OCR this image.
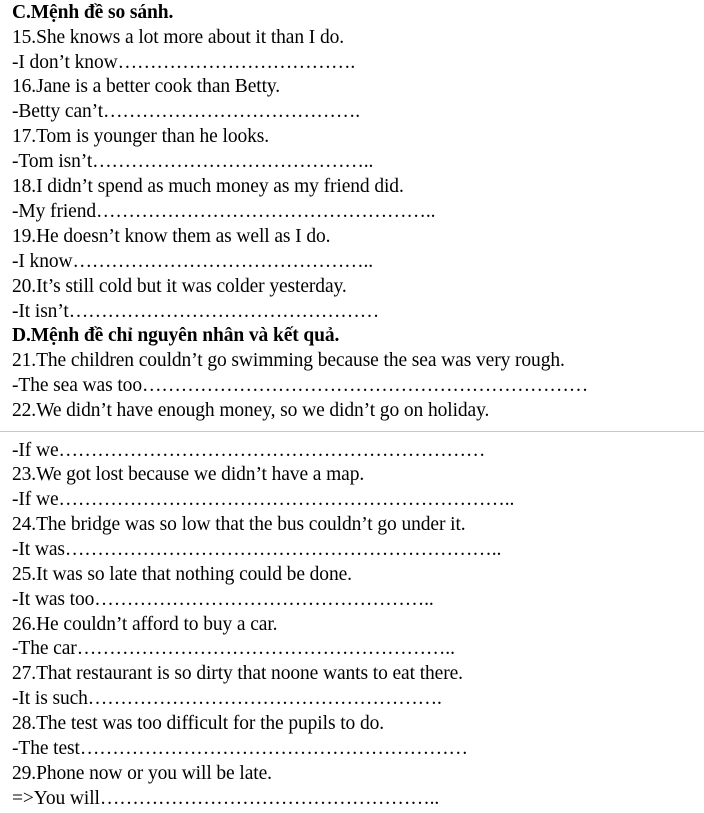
C.Mệnh đề so sánh.
15.She knows a lot more about it than I do.
-I don’t know……………………………….
16.Jane is a better cook than Betty.
-Betty can’t………………………………….
17.Tom is younger than he looks.
-Tom isn’t……………………………………..
18.I didn’t spend as much money as my friend did.
-My friend……………………………………………..
19.He doesn’t know them as well as I do.
-I know………………………………………..
20.It’s still cold but it was colder yesterday.
-It isn’t…………………………………………
D.Mệnh đề chỉ nguyên nhân và kết quả.
21.The children couldn’t go swimming because the sea was very rough.
-The sea was too……………………………………………………………
22.We didn’t have enough money, so we didn’t go on holiday.
-If we…………………………………………………………
23.We got lost because we didn’t have a map.
-If we……………………………………………………………..
24.The bridge was so low that the bus couldn’t go under it.
-It was…………………………………………………………..
25.It was so late that nothing could be done.
-It was too……………………………………………..
26.He couldn’t afford to buy a car.
-The car…………………………………………………..
27.That restaurant is so dirty that noone wants to eat there.
-It is such……………………………………………….
28.The test was too difficult for the pupils to do.
-The test……………………………………………………
29.Phone now or you will be late.
=>You will……………………………………………..
